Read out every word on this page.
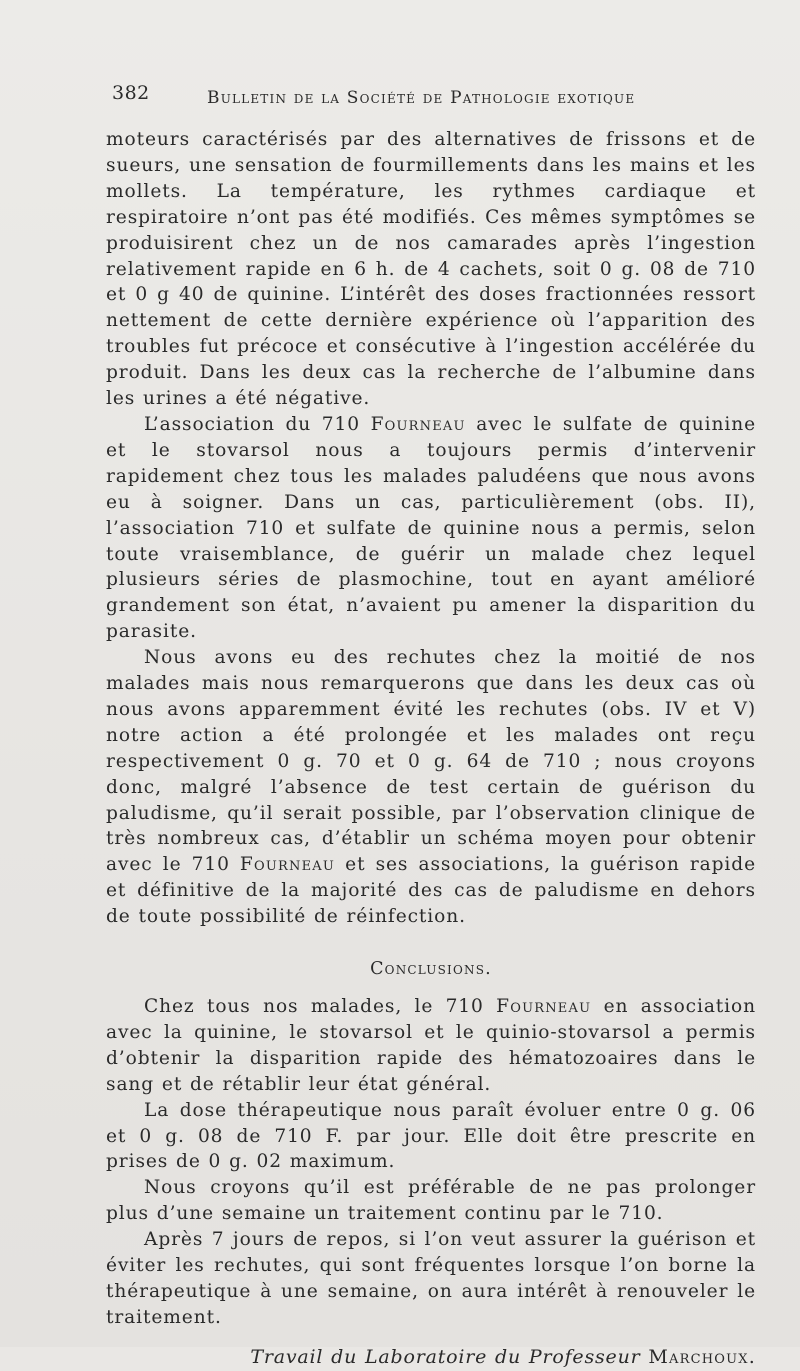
382	Bulletin de la Société de Pathologie exotique

moteurs caractérisés par des alternatives de frissons et de sueurs, une sensation de fourmillements dans les mains et les mollets. La température, les rythmes cardiaque et respiratoire n’ont pas été modifiés. Ces mêmes symptômes se produisirent chez un de nos camarades après l’ingestion relativement rapide en 6 h. de 4 cachets, soit 0 g. 08 de 710 et 0 g 40 de quinine. L’intérêt des doses fractionnées ressort nettement de cette dernière expérience où l’apparition des troubles fut précoce et consécutive à l’ingestion accélérée du produit. Dans les deux cas la recherche de l’albumine dans les urines a été négative.

L’association du 710 Fourneau avec le sulfate de quinine et le stovarsol nous a toujours permis d’intervenir rapidement chez tous les malades paludéens que nous avons eu à soigner. Dans un cas, particulièrement (obs. II), l’association 710 et sulfate de quinine nous a permis, selon toute vraisemblance, de guérir un malade chez lequel plusieurs séries de plasmochine, tout en ayant amélioré grandement son état, n’avaient pu amener la disparition du parasite.

Nous avons eu des rechutes chez la moitié de nos malades mais nous remarquerons que dans les deux cas où nous avons apparemment évité les rechutes (obs. IV et V) notre action a été prolongée et les malades ont reçu respectivement 0 g. 70 et 0 g. 64 de 710 ; nous croyons donc, malgré l’absence de test certain de guérison du paludisme, qu’il serait possible, par l’observation clinique de très nombreux cas, d’établir un schéma moyen pour obtenir avec le 710 Fourneau et ses associations, la guérison rapide et définitive de la majorité des cas de paludisme en dehors de toute possibilité de réinfection.

Conclusions.

Chez tous nos malades, le 710 Fourneau en association avec la quinine, le stovarsol et le quinio-stovarsol a permis d’obtenir la disparition rapide des hématozoaires dans le sang et de rétablir leur état général.

La dose thérapeutique nous paraît évoluer entre 0 g. 06 et 0 g. 08 de 710 F. par jour. Elle doit être prescrite en prises de 0 g. 02 maximum.

Nous croyons qu’il est préférable de ne pas prolonger plus d’une semaine un traitement continu par le 710.

Après 7 jours de repos, si l’on veut assurer la guérison et éviter les rechutes, qui sont fréquentes lorsque l’on borne la thérapeutique à une semaine, on aura intérêt à renouveler le traitement.

Travail du Laboratoire du Professeur Marchoux.
